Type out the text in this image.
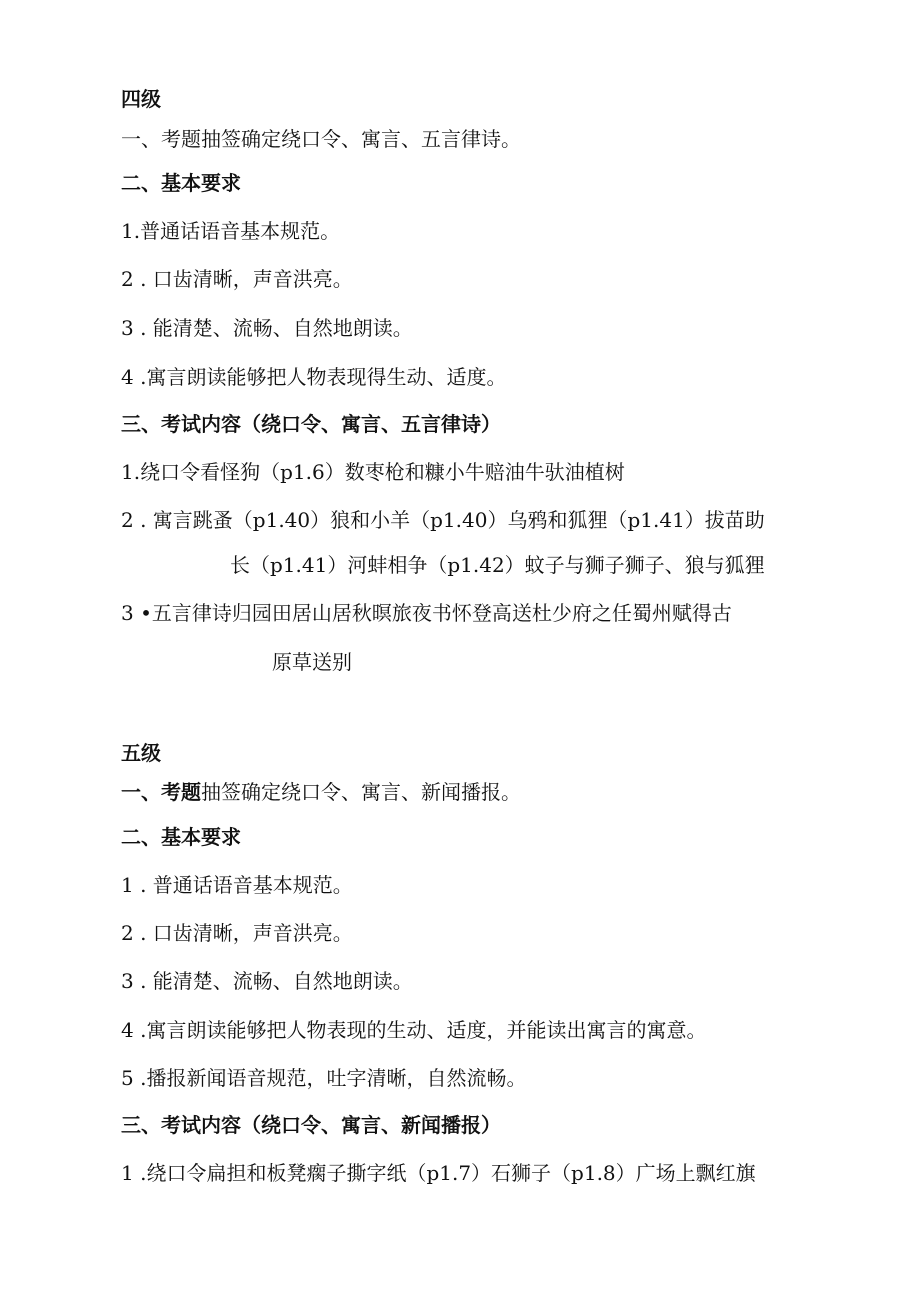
四级
一、考题抽签确定绕口令、寓言、五言律诗。
二、基本要求
1.普通话语音基本规范。
2 . 口齿清晰，声音洪亮。
3 . 能清楚、流畅、自然地朗读。
4 .寓言朗读能够把人物表现得生动、适度。
三、考试内容（绕口令、寓言、五言律诗）
1.绕口令看怪狗（p1.6）数枣枪和糠小牛赔油牛驮油植树
2 . 寓言跳蚤（p1.40）狼和小羊（p1.40）乌鸦和狐狸（p1.41）拔苗助
长（p1.41）河蚌相争（p1.42）蚊子与狮子狮子、狼与狐狸
3 •五言律诗归园田居山居秋暝旅夜书怀登高送杜少府之任蜀州赋得古
原草送别
五级
一、考题抽签确定绕口令、寓言、新闻播报。
二、基本要求
1 . 普通话语音基本规范。
2 . 口齿清晰，声音洪亮。
3 . 能清楚、流畅、自然地朗读。
4 .寓言朗读能够把人物表现的生动、适度，并能读出寓言的寓意。
5 .播报新闻语音规范，吐字清晰，自然流畅。
三、考试内容（绕口令、寓言、新闻播报）
1 .绕口令扁担和板凳瘸子撕字纸（p1.7）石狮子（p1.8）广场上飘红旗
